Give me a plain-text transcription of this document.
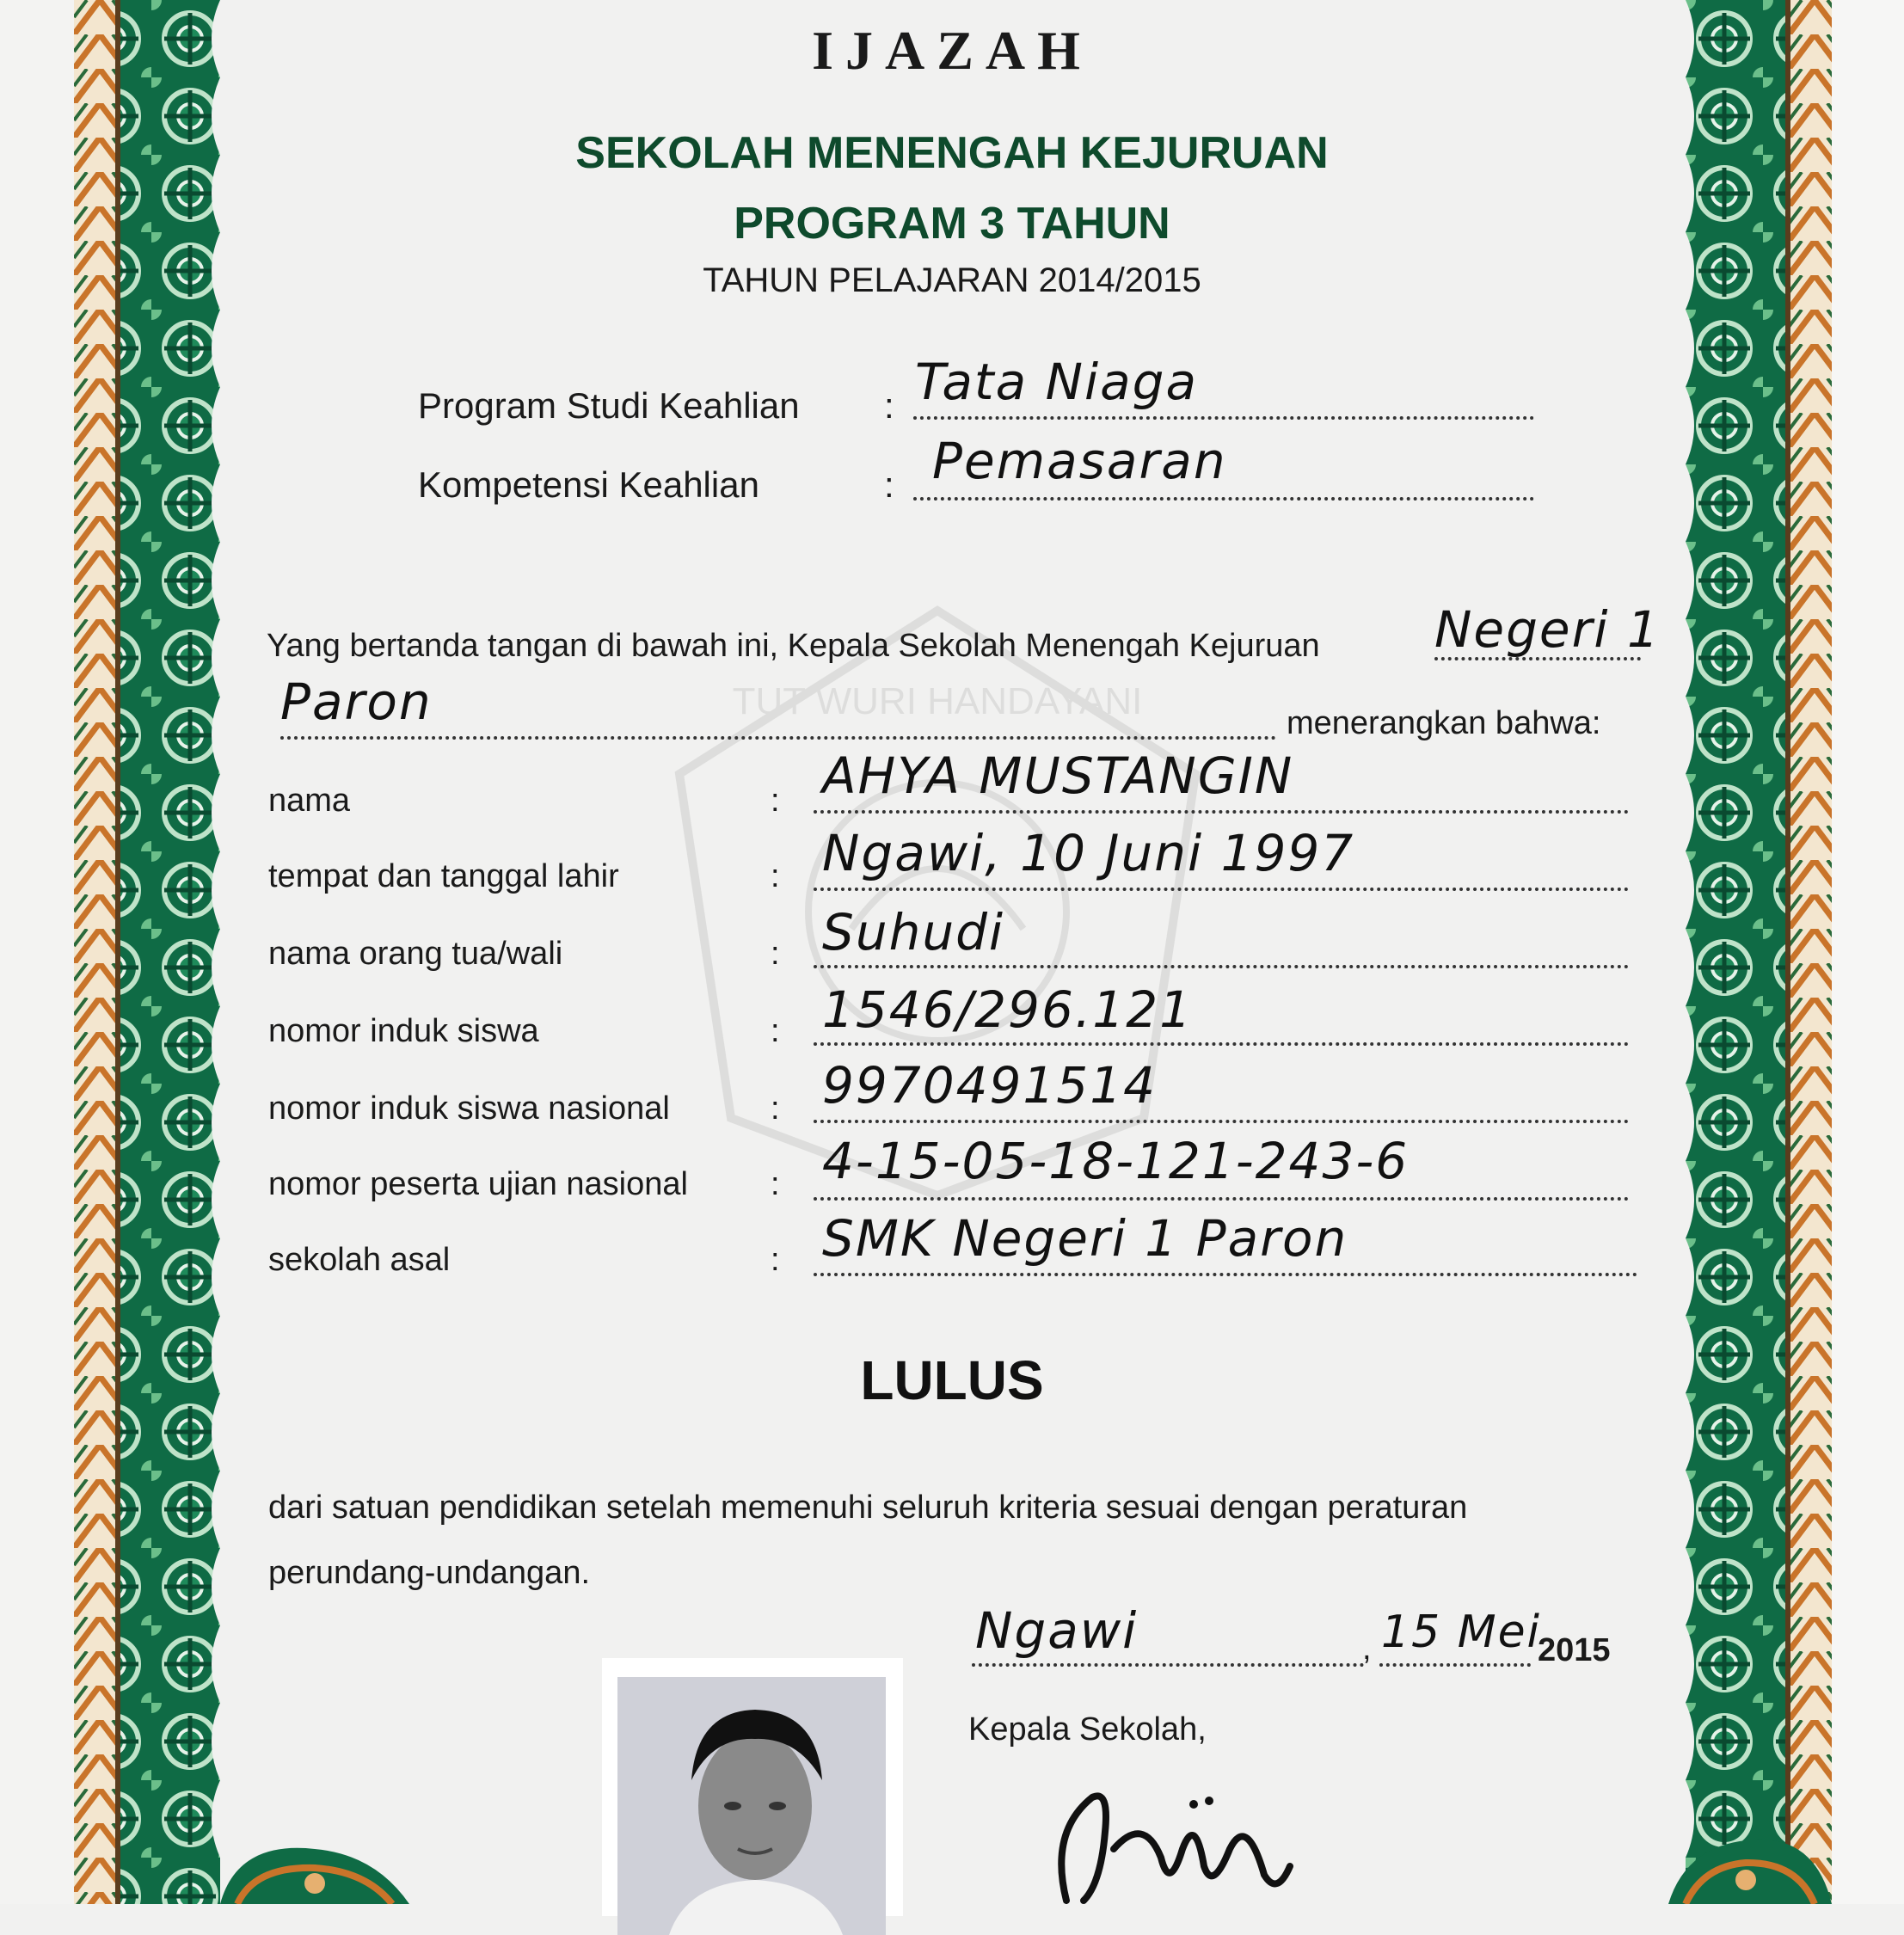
TUT WURI HANDAYANI
IJAZAH
SEKOLAH MENENGAH KEJURUAN
PROGRAM 3 TAHUN
TAHUN PELAJARAN 2014/2015
Program Studi Keahlian : Tata Niaga
Kompetensi Keahlian	: Pemasaran
Yang bertanda tangan di bawah ini, Kepala Sekolah Menengah Kejuruan Negeri 1
Paron	menerangkan bahwa:
nama	: AHYA MUSTANGIN
tempat dan tanggal lahir	: Ngawi, 10 Juni 1997
nama orang tua/wali	: Suhudi
nomor induk siswa	: 1546/296.121
nomor induk siswa nasional	: 9970491514
nomor peserta ujian nasional	: 4-15-05-18-121-243-6
sekolah asal	: SMK Negeri 1 Paron
LULUS
dari satuan pendidikan setelah memenuhi seluruh kriteria sesuai dengan peraturan
perundang-undangan.
Ngawi	, 15 Mei
2015
Kepala Sekolah,
